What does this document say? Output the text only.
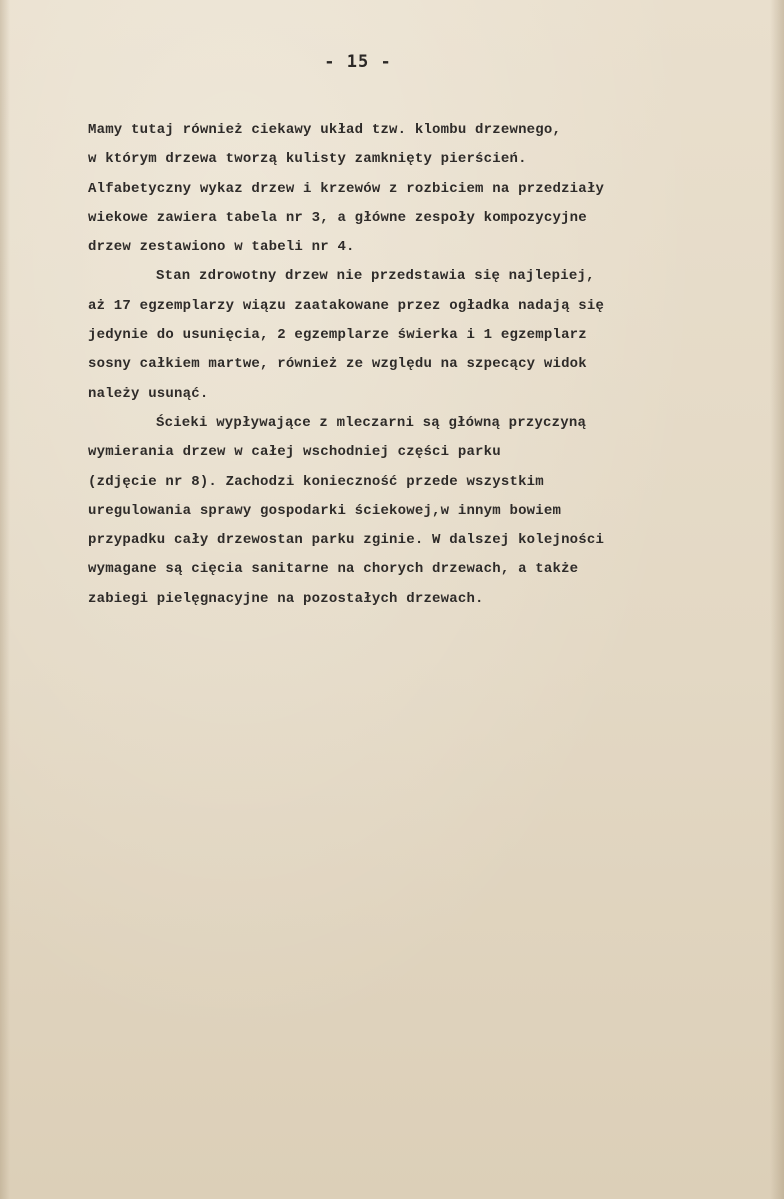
- 15 -
Mamy tutaj również ciekawy układ tzw. klombu drzewnego,
w którym drzewa tworzą kulisty zamknięty pierścień.
Alfabetyczny wykaz drzew i krzewów z rozbiciem na przedziały
wiekowe zawiera tabela nr 3, a główne zespoły kompozycyjne
drzew zestawiono w tabeli nr 4.
Stan zdrowotny drzew nie przedstawia się najlepiej,
aż 17 egzemplarzy wiązu zaatakowane przez ogładka nadają się
jedynie do usunięcia, 2 egzemplarze świerka i 1 egzemplarz
sosny całkiem martwe, również ze względu na szpecący widok
należy usunąć.
Ścieki wypływające z mleczarni są główną przyczyną
wymierania drzew w całej wschodniej części parku
(zdjęcie nr 8). Zachodzi konieczność przede wszystkim
uregulowania sprawy gospodarki ściekowej,w innym bowiem
przypadku cały drzewostan parku zginie. W dalszej kolejności
wymagane są cięcia sanitarne na chorych drzewach, a także
zabiegi pielęgnacyjne na pozostałych drzewach.
